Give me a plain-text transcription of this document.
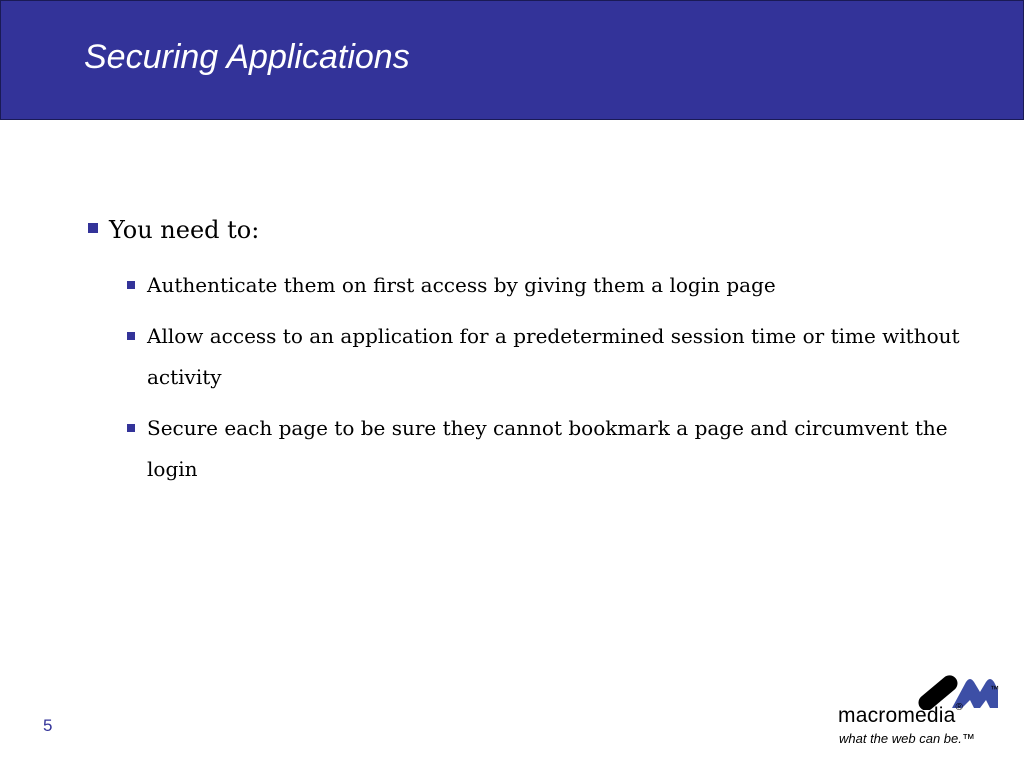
Securing Applications
You need to:
Authenticate them on first access by giving them a login page
Allow access to an application for a predetermined session time or time without activity
Secure each page to be sure they cannot bookmark a page and circumvent the login
5
™
macromedia®
what the web can be.™
